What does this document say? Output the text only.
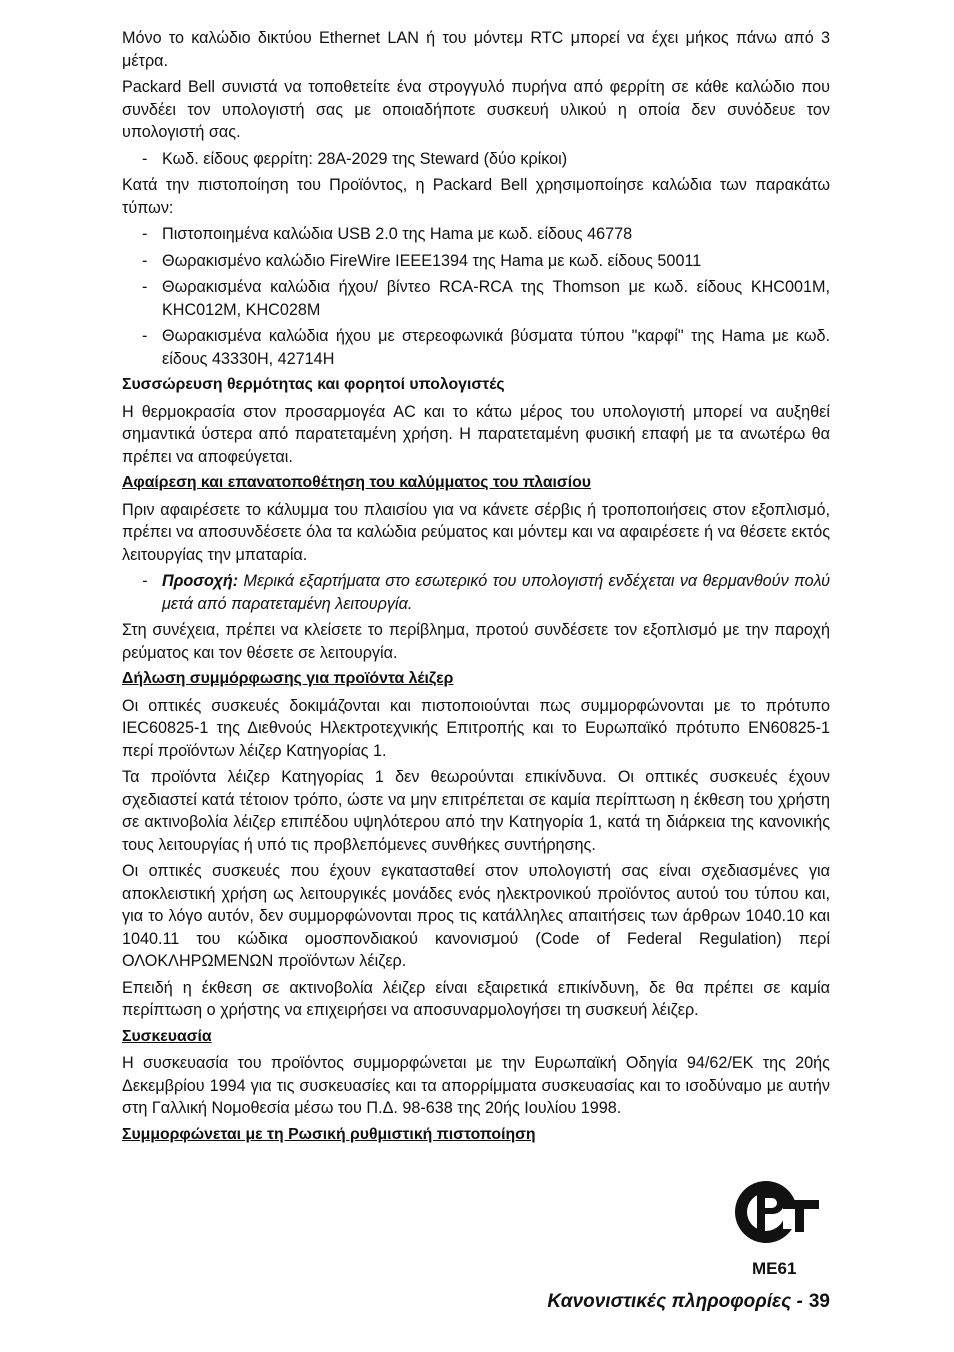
Μόνο το καλώδιο δικτύου Ethernet LAN ή του μόντεμ RTC μπορεί να έχει μήκος πάνω από 3 μέτρα.

Packard Bell συνιστά να τοποθετείτε ένα στρογγυλό πυρήνα από φερρίτη σε κάθε καλώδιο που συνδέει τον υπολογιστή σας με οποιαδήποτε συσκευή υλικού η οποία δεν συνόδευε τον υπολογιστή σας.

- Κωδ. είδους φερρίτη: 28A-2029 της Steward (δύο κρίκοι)

Κατά την πιστοποίηση του Προϊόντος, η Packard Bell χρησιμοποίησε καλώδια των παρακάτω τύπων:

- Πιστοποιημένα καλώδια USB 2.0 της Hama με κωδ. είδους 46778
- Θωρακισμένο καλώδιο FireWire IEEE1394 της Hama με κωδ. είδους 50011
- Θωρακισμένα καλώδια ήχου/ βίντεο RCA-RCA της Thomson με κωδ. είδους KHC001M, KHC012M, KHC028M
- Θωρακισμένα καλώδια ήχου με στερεοφωνικά βύσματα τύπου "καρφί" της Hama με κωδ. είδους 43330H, 42714H
Συσσώρευση θερμότητας και φορητοί υπολογιστές

Η θερμοκρασία στον προσαρμογέα AC και το κάτω μέρος του υπολογιστή μπορεί να αυξηθεί σημαντικά ύστερα από παρατεταμένη χρήση. Η παρατεταμένη φυσική επαφή με τα ανωτέρω θα πρέπει να αποφεύγεται.

Αφαίρεση και επανατοποθέτηση του καλύμματος του πλαισίου

Πριν αφαιρέσετε το κάλυμμα του πλαισίου για να κάνετε σέρβις ή τροποποιήσεις στον εξοπλισμό, πρέπει να αποσυνδέσετε όλα τα καλώδια ρεύματος και μόντεμ και να αφαιρέσετε ή να θέσετε εκτός λειτουργίας την μπαταρία.

- Προσοχή: Μερικά εξαρτήματα στο εσωτερικό του υπολογιστή ενδέχεται να θερμανθούν πολύ μετά από παρατεταμένη λειτουργία.

Στη συνέχεια, πρέπει να κλείσετε το περίβλημα, προτού συνδέσετε τον εξοπλισμό με την παροχή ρεύματος και τον θέσετε σε λειτουργία.

Δήλωση συμμόρφωσης για προϊόντα λέιζερ

Οι οπτικές συσκευές δοκιμάζονται και πιστοποιούνται πως συμμορφώνονται με το πρότυπο IEC60825-1 της Διεθνούς Ηλεκτροτεχνικής Επιτροπής και το Ευρωπαϊκό πρότυπο EN60825-1 περί προϊόντων λέιζερ Κατηγορίας 1.

Τα προϊόντα λέιζερ Κατηγορίας 1 δεν θεωρούνται επικίνδυνα. Οι οπτικές συσκευές έχουν σχεδιαστεί κατά τέτοιον τρόπο, ώστε να μην επιτρέπεται σε καμία περίπτωση η έκθεση του χρήστη σε ακτινοβολία λέιζερ επιπέδου υψηλότερου από την Κατηγορία 1, κατά τη διάρκεια της κανονικής τους λειτουργίας ή υπό τις προβλεπόμενες συνθήκες συντήρησης.

Οι οπτικές συσκευές που έχουν εγκατασταθεί στον υπολογιστή σας είναι σχεδιασμένες για αποκλειστική χρήση ως λειτουργικές μονάδες ενός ηλεκτρονικού προϊόντος αυτού του τύπου και, για το λόγο αυτόν, δεν συμμορφώνονται προς τις κατάλληλες απαιτήσεις των άρθρων 1040.10 και 1040.11 του κώδικα ομοσπονδιακού κανονισμού (Code of Federal Regulation) περί ΟΛΟΚΛΗΡΩΜΕΝΩΝ προϊόντων λέιζερ.

Επειδή η έκθεση σε ακτινοβολία λέιζερ είναι εξαιρετικά επικίνδυνη, δε θα πρέπει σε καμία περίπτωση ο χρήστης να επιχειρήσει να αποσυναρμολογήσει τη συσκευή λέιζερ.

Συσκευασία

Η συσκευασία του προϊόντος συμμορφώνεται με την Ευρωπαϊκή Οδηγία 94/62/ΕΚ της 20ής Δεκεμβρίου 1994 για τις συσκευασίες και τα απορρίμματα συσκευασίας και το ισοδύναμο με αυτήν στη Γαλλική Νομοθεσία μέσω του Π.Δ. 98-638 της 20ής Ιουλίου 1998.

Συμμορφώνεται με τη Ρωσική ρυθμιστική πιστοποίηση
ME61
Κανονιστικές πληροφορίες - 39
